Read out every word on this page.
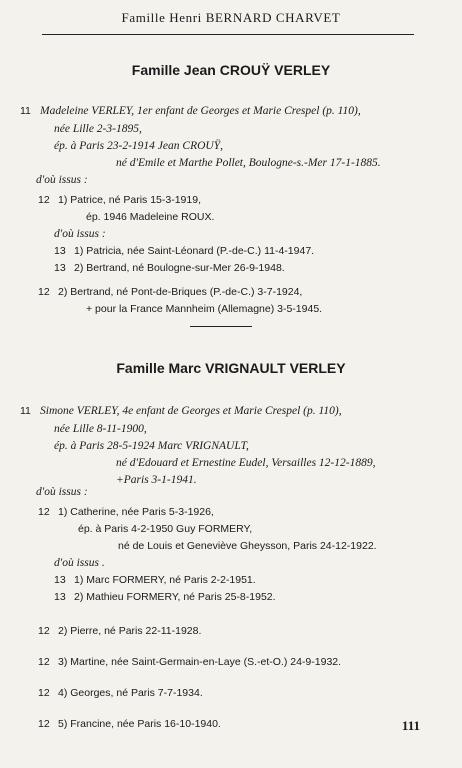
Famille Henri BERNARD CHARVET
Famille Jean CROUŸ VERLEY
11 Madeleine VERLEY, 1er enfant de Georges et Marie Crespel (p. 110),
née Lille 2-3-1895,
ép. à Paris 23-2-1914 Jean CROUŸ,
né d'Emile et Marthe Pollet, Boulogne-s.-Mer 17-1-1885.
d'où issus :
12 1) Patrice, né Paris 15-3-1919,
ép. 1946 Madeleine ROUX.
d'où issus :
13 1) Patricia, née Saint-Léonard (P.-de-C.) 11-4-1947.
13 2) Bertrand, né Boulogne-sur-Mer 26-9-1948.
12 2) Bertrand, né Pont-de-Briques (P.-de-C.) 3-7-1924,
+ pour la France Mannheim (Allemagne) 3-5-1945.
Famille Marc VRIGNAULT VERLEY
11 Simone VERLEY, 4e enfant de Georges et Marie Crespel (p. 110),
née Lille 8-11-1900,
ép. à Paris 28-5-1924 Marc VRIGNAULT,
né d'Edouard et Ernestine Eudel, Versailles 12-12-1889,
+Paris 3-1-1941.
d'où issus :
12 1) Catherine, née Paris 5-3-1926,
ép. à Paris 4-2-1950 Guy FORMERY,
né de Louis et Geneviève Gheysson, Paris 24-12-1922.
d'où issus .
13 1) Marc FORMERY, né Paris 2-2-1951.
13 2) Mathieu FORMERY, né Paris 25-8-1952.
12 2) Pierre, né Paris 22-11-1928.
12 3) Martine, née Saint-Germain-en-Laye (S.-et-O.) 24-9-1932.
12 4) Georges, né Paris 7-7-1934.
12 5) Francine, née Paris 16-10-1940.	111
